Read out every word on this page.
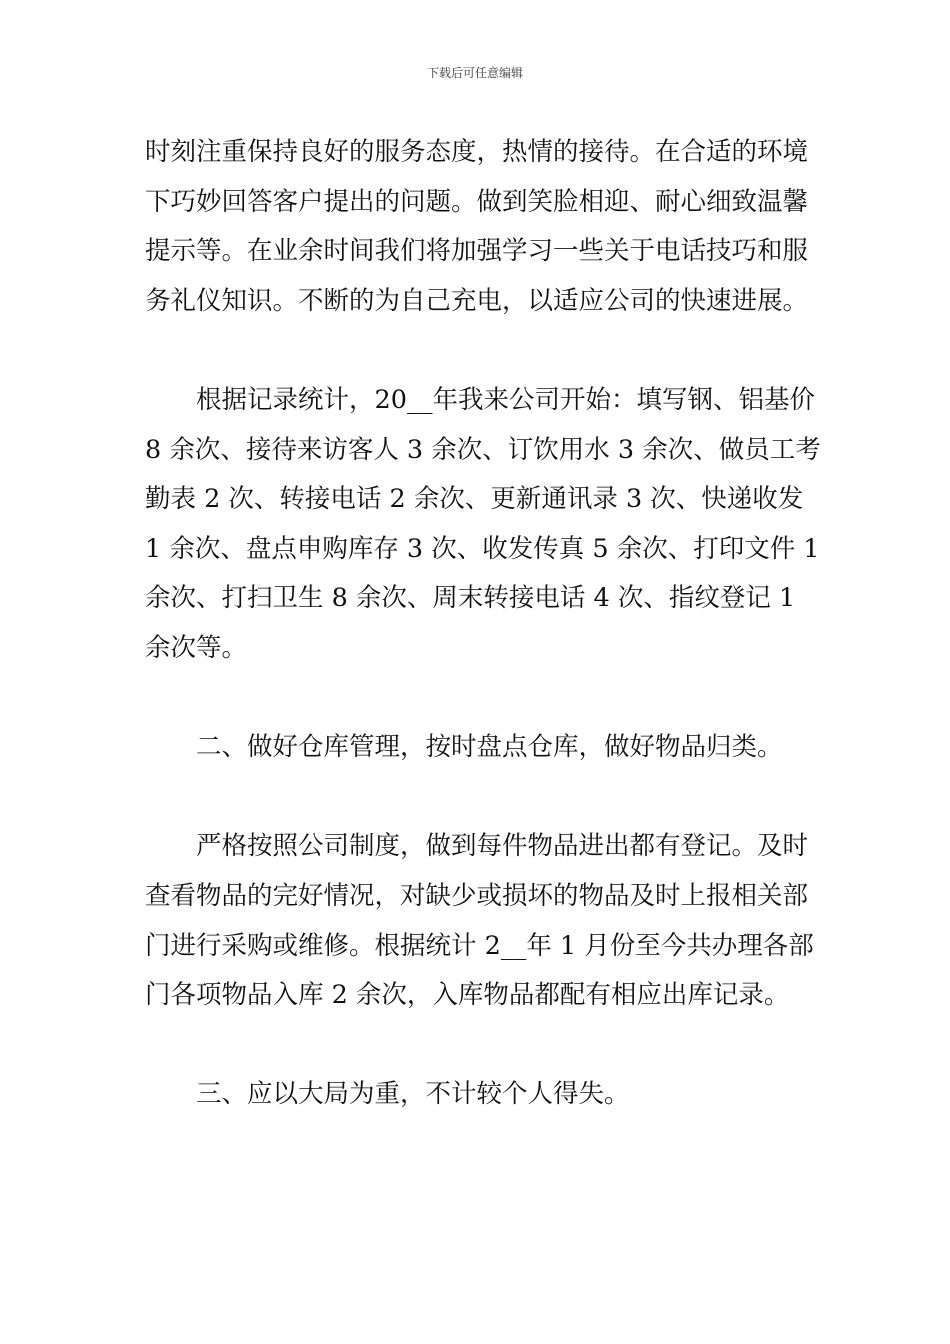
下载后可任意编辑

时刻注重保持良好的服务态度，热情的接待。在合适的环境下巧妙回答客户提出的问题。做到笑脸相迎、耐心细致温馨提示等。在业余时间我们将加强学习一些关于电话技巧和服务礼仪知识。不断的为自己充电，以适应公司的快速进展。

根据记录统计，20__年我来公司开始：填写钢、铝基价 8 余次、接待来访客人 3 余次、订饮用水 3 余次、做员工考勤表 2 次、转接电话 2 余次、更新通讯录 3 次、快递收发 1 余次、盘点申购库存 3 次、收发传真 5 余次、打印文件 1 余次、打扫卫生 8 余次、周末转接电话 4 次、指纹登记 1 余次等。

二、做好仓库管理，按时盘点仓库，做好物品归类。

严格按照公司制度，做到每件物品进出都有登记。及时查看物品的完好情况，对缺少或损坏的物品及时上报相关部门进行采购或维修。根据统计 2__年 1 月份至今共办理各部门各项物品入库 2 余次，入库物品都配有相应出库记录。

三、应以大局为重，不计较个人得失。
